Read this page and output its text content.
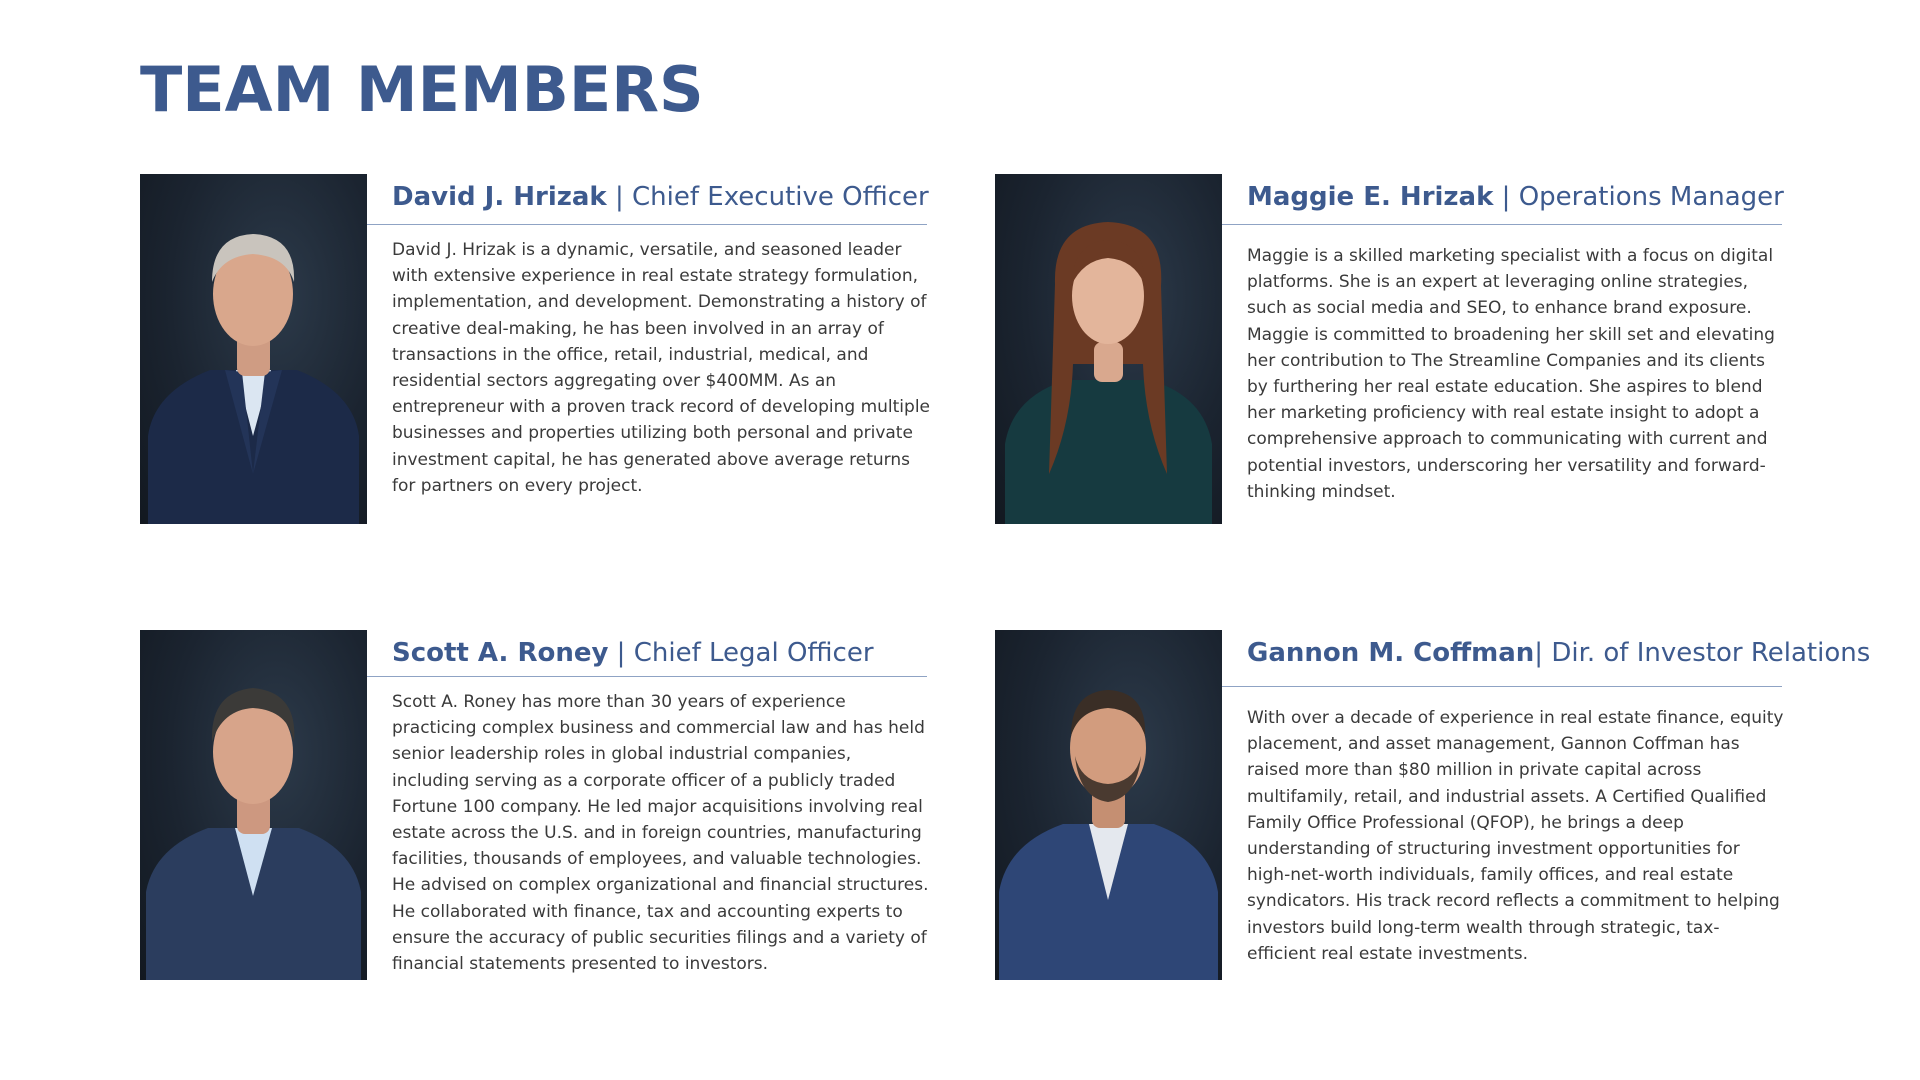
TEAM MEMBERS
David J. Hrizak | Chief Executive Officer

David J. Hrizak is a dynamic, versatile, and seasoned leader with extensive experience in real estate strategy formulation, implementation, and development. Demonstrating a history of creative deal-making, he has been involved in an array of transactions in the office, retail, industrial, medical, and residential sectors aggregating over $400MM. As an entrepreneur with a proven track record of developing multiple businesses and properties utilizing both personal and private investment capital, he has generated above average returns for partners on every project.

Maggie E. Hrizak | Operations Manager

Maggie is a skilled marketing specialist with a focus on digital platforms. She is an expert at leveraging online strategies, such as social media and SEO, to enhance brand exposure. Maggie is committed to broadening her skill set and elevating her contribution to The Streamline Companies and its clients by furthering her real estate education. She aspires to blend her marketing proficiency with real estate insight to adopt a comprehensive approach to communicating with current and potential investors, underscoring her versatility and forward-thinking mindset.

Scott A. Roney | Chief Legal Officer

Scott A. Roney has more than 30 years of experience practicing complex business and commercial law and has held senior leadership roles in global industrial companies, including serving as a corporate officer of a publicly traded Fortune 100 company. He led major acquisitions involving real estate across the U.S. and in foreign countries, manufacturing facilities, thousands of employees, and valuable technologies. He advised on complex organizational and financial structures. He collaborated with finance, tax and accounting experts to ensure the accuracy of public securities filings and a variety of financial statements presented to investors.

Gannon M. Coffman| Dir. of Investor Relations

With over a decade of experience in real estate finance, equity placement, and asset management, Gannon Coffman has raised more than $80 million in private capital across multifamily, retail, and industrial assets. A Certified Qualified Family Office Professional (QFOP), he brings a deep understanding of structuring investment opportunities for high-net-worth individuals, family offices, and real estate syndicators. His track record reflects a commitment to helping investors build long-term wealth through strategic, tax-efficient real estate investments.
